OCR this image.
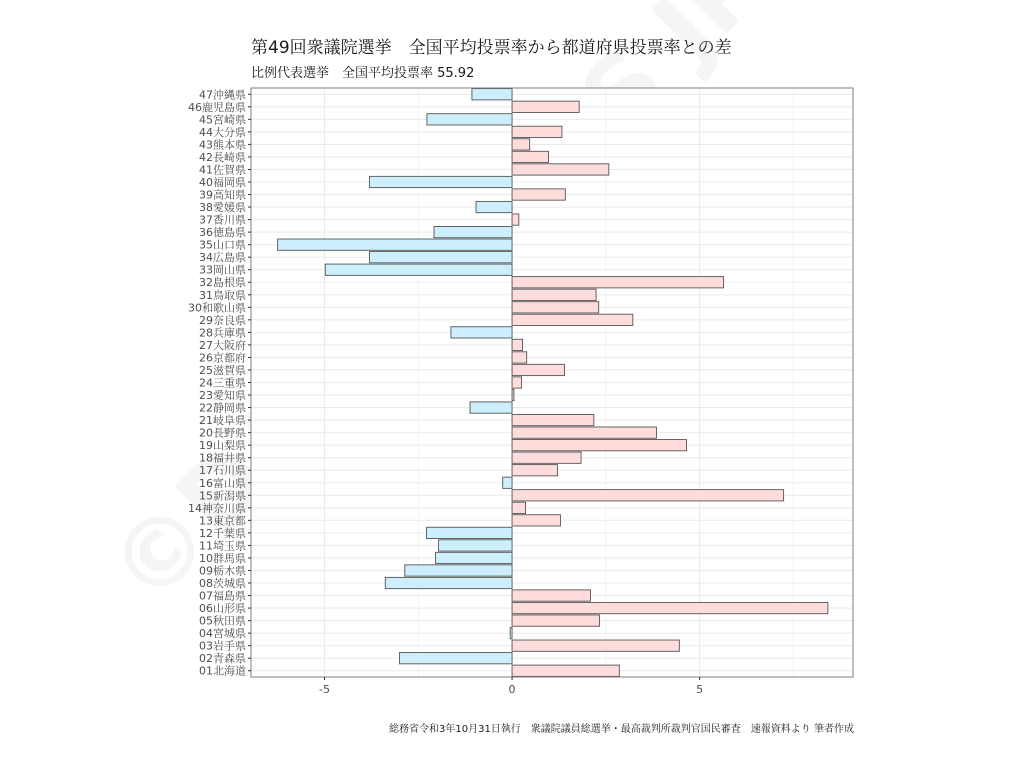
第49回衆議院選挙　全国平均投票率から都道府県投票率との差
比例代表選挙　全国平均投票率 55.92
47沖縄県
46鹿児島県
45宮崎県
44大分県
43熊本県
42長崎県
41佐賀県
40福岡県
39高知県
38愛媛県
37香川県
36徳島県
35山口県
34広島県
33岡山県
32島根県
31鳥取県
30和歌山県
29奈良県
28兵庫県
27大阪府
26京都府
25滋賀県
24三重県
23愛知県
22静岡県
21岐阜県
20長野県
19山梨県
18福井県
17石川県
16富山県
15新潟県
14神奈川県
13東京都
12千葉県
11埼玉県
10群馬県
09栃木県
08茨城県
07福島県
06山形県
05秋田県
04宮城県
03岩手県
02青森県
01北海道
-5	0	5
総務省令和3年10月31日執行　衆議院議員総選挙・最高裁判所裁判官国民審査　速報資料より 筆者作成
